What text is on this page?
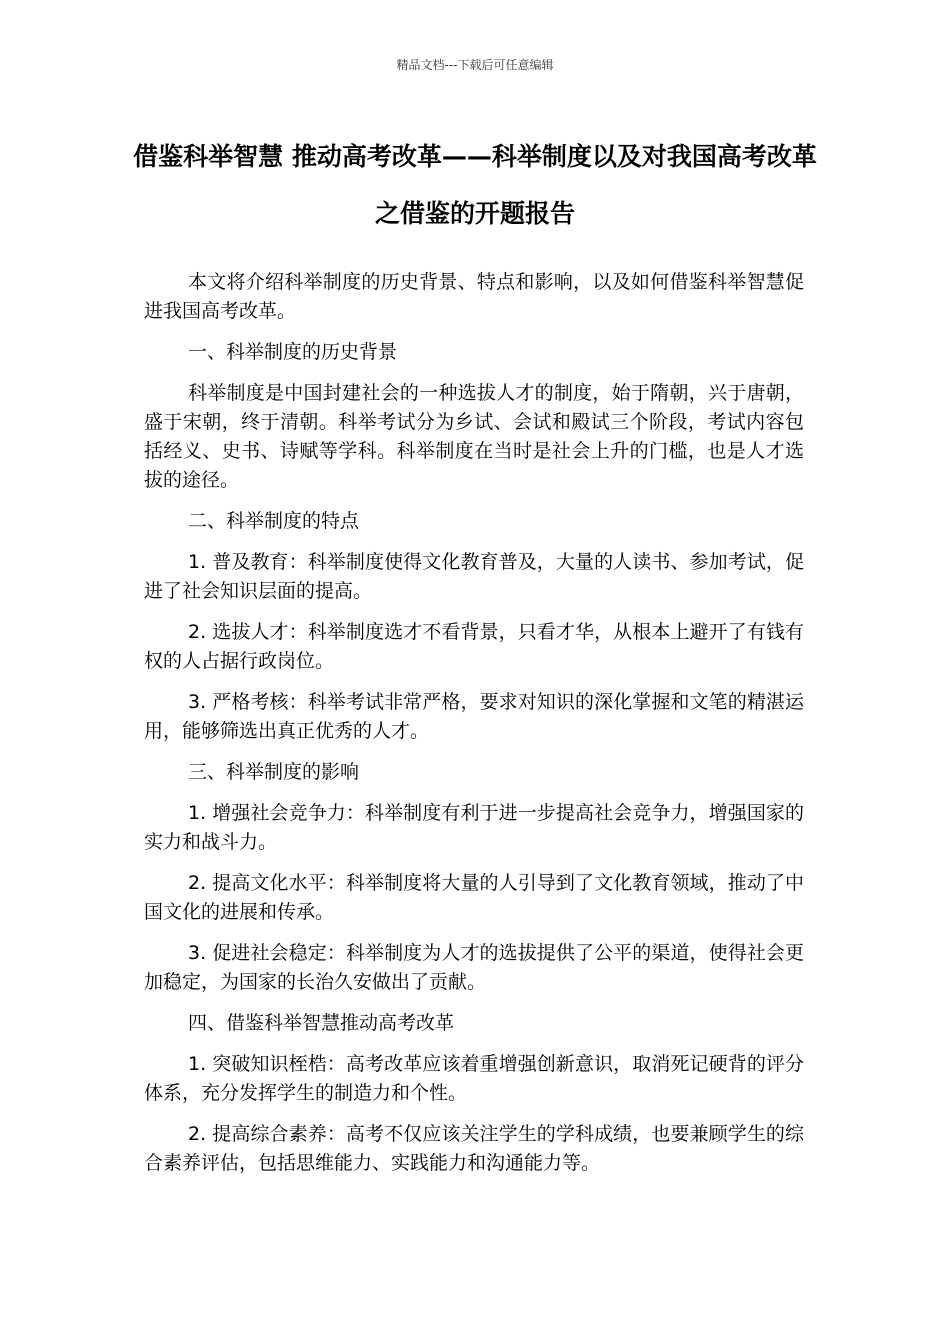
精品文档---下载后可任意编辑
借鉴科举智慧 推动高考改革——科举制度以及对我国高考改革之借鉴的开题报告

本文将介绍科举制度的历史背景、特点和影响，以及如何借鉴科举智慧促进我国高考改革。

一、科举制度的历史背景

科举制度是中国封建社会的一种选拔人才的制度，始于隋朝，兴于唐朝，盛于宋朝，终于清朝。科举考试分为乡试、会试和殿试三个阶段，考试内容包括经义、史书、诗赋等学科。科举制度在当时是社会上升的门槛，也是人才选拔的途径。

二、科举制度的特点

1. 普及教育：科举制度使得文化教育普及，大量的人读书、参加考试，促进了社会知识层面的提高。

2. 选拔人才：科举制度选才不看背景，只看才华，从根本上避开了有钱有权的人占据行政岗位。

3. 严格考核：科举考试非常严格，要求对知识的深化掌握和文笔的精湛运用，能够筛选出真正优秀的人才。

三、科举制度的影响

1. 增强社会竞争力：科举制度有利于进一步提高社会竞争力，增强国家的实力和战斗力。

2. 提高文化水平：科举制度将大量的人引导到了文化教育领域，推动了中国文化的进展和传承。

3. 促进社会稳定：科举制度为人才的选拔提供了公平的渠道，使得社会更加稳定，为国家的长治久安做出了贡献。

四、借鉴科举智慧推动高考改革

1. 突破知识桎梏：高考改革应该着重增强创新意识，取消死记硬背的评分体系，充分发挥学生的制造力和个性。

2. 提高综合素养：高考不仅应该关注学生的学科成绩，也要兼顾学生的综合素养评估，包括思维能力、实践能力和沟通能力等。
